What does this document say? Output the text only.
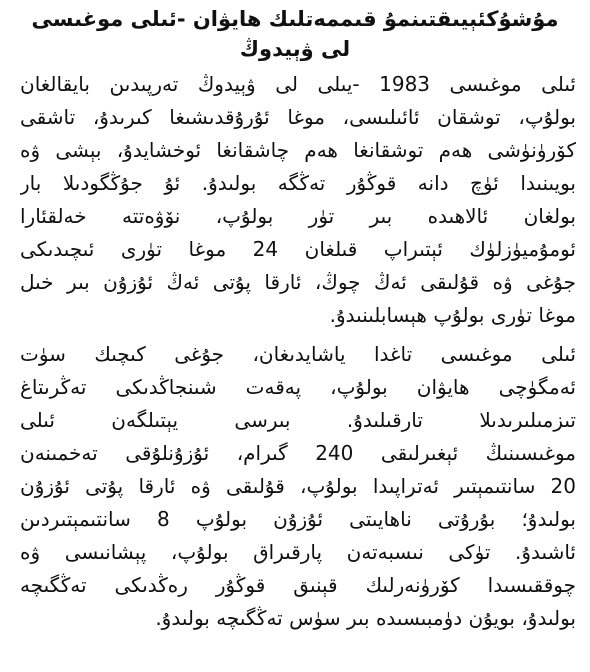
مۇشۇكئېيىقتىنمۇ قىممەتلىك ھايۋان -ئىلى موغىسى
لى ۋېيدوڭ
ئىلى موغىسى 1983 -يىلى لى ۋېيدوڭ تەرپىدىن بايقالغان
بولۇپ، توشقان ئائىلىسى، موغا ئۇرۇقدىشىغا كىرىدۇ، تاشقى
كۆرۈنۈشى ھەم توشقانغا ھەم چاشقانغا ئوخشايدۇ، بېشى ۋە
بويىنىدا ئۈچ دانە قوڭۇر تەڭگە بولىدۇ. ئۇ جۇڭگودىلا بار
بولغان ئالاھىدە بىر تۈر بولۇپ، نۆۋەتتە خەلقئارا
ئومۇميۈزلۈك ئېتىراپ قىلغان 24 موغا تۈرى ئىچىدىكى
جۇغى ۋە قۇلىقى ئەڭ چوڭ، ئارقا پۇتى ئەڭ ئۇزۇن بىر خىل
موغا تۈرى بولۇپ ھېسابلىنىدۇ.
ئىلى موغىسى تاغدا ياشايدىغان، جۇغى كىچىك سۈت
ئەمگۈچى ھايۋان بولۇپ، پەقەت شىنجاڭدىكى تەڭرىتاغ
تىزمىلىرىدىلا تارقىلىدۇ. بىرسى يېتىلگەن ئىلى
موغىسىنىڭ ئېغىرلىقى 240 گىرام، ئۇزۇنلۇقى تەخمىنەن
20 سانتىمېتىر ئەتراپىدا بولۇپ، قۇلىقى ۋە ئارقا پۇتى ئۇزۇن
بولىدۇ؛ بۇرۇتى ناھايىتى ئۇزۇن بولۇپ 8 سانتىمېتىردىن
ئاشىدۇ. تۈكى نىسبەتەن پارقىراق بولۇپ، پېشانىسى ۋە
چوققىسىدا كۆرۈنەرلىك قېنىق قوڭۇر رەڭدىكى تەڭگىچە
بولىدۇ، بويۇن دۈمبىسىدە بىر سۈس تەڭگىچە بولىدۇ.
